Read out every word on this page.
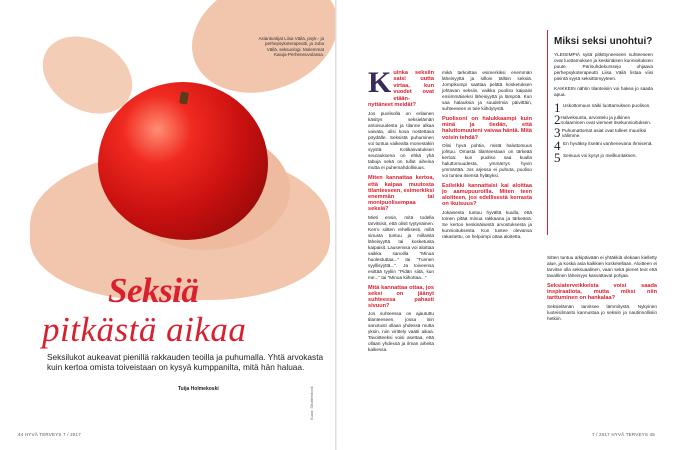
Asiantuntijat Liisa Väilä, psyk.- ja perhepsykoterapeutti, ja Juha Väilä, seksuologi. Molemmat Kaiuja-Perheneuvolassa.
Seksiä
pitkästä aikaa
Seksilukot aukeavat pienillä rakkauden teoilla ja puhumalla. Yhtä arvokasta kuin kertoa omista toiveistaan on kysyä kumppanilta, mitä hän haluaa.
Tuija Holmekoski	Kuva: Shutterstock
44 HYVÄ TERVEYS 7 / 2017
K uinka seksiin saisi uutta virtaa, kun vuodet ovat etään-nyttäneet meidät?

Jos puolisolla on erilainen käsitys seksielämän antoisuudesta ja tilanne alkaa vaivata, olisi kosa nostettava pöydälle. Seksistä puhuminen voi tuntua vaikealta monestakin syystä. Kotikasvatuksen seurauksena on ehkä yhä tabuja sekä on tullut aiheina mutta ei puhemahdollisuus.

Miten kannattaa kertoa, että kaipaa muutosta tilanteeseen, esimerkiksi enemmän tai monipuolisempaa seksiä?

Mieti ensin, mitä todella tarvitsisit, että olisit tyytyväinen. Kerro siitten rehellisesti, millä sinusta tuntuu ja millaista läheisyyttä tai kosketusta kaipaisit. Lausenssa voi aloittaa vaikka sanoilla "Minua huolestuttaa..." tai "Tunnen syyllisyyttä...". Ja toiveensa esittää tyyliin "Pidän siitä, kun me..." tai "Minua kiihottaa..."

Mitä kannattaa ottaa, jos seksi on jäänyt suhteessa pahasti sivuun?

Jos suhteessa on ajaututtu tilanteeseen, jossa niin sanotusti ollaan yhdessä mutta yksin, niin virittely vaatii aikaa. Tavoitteeksi voisi asettaa, että ollaan yhdessä ja ilman aiheita kaikessa.

mikä tarkoittaa esimerkiksi enemmän läheisyyttä ja silloin tällöin seksiä. Jompikumpi saattaa pelätä kosketuksen johtavan seksiin, vaikka puoliso kaipaisi ensimmäiseksi läheisyyttä ja lämpöä. Kun saa halauksia ja suudelmia päivittäin, suhteeseen ei tule kiihdytystä.

Puolisoni on halukkaampi kuin minä ja tiedän, että haluttomuuteni vaivaa häntä. Mitä voisin tehdä?

Olisi hyvä pohtia, mistä haluttomuus johtuu. Omasta tilanteestaan on tärkeää kertoa: kun puoliso saa kuulla haluttomuudesta, ymmärrys hyvin ymmärtää. Jos arjessa ei puhuta, puoliso voi tuntea itsensä hylätyksi.

Esileikki kannattaisi kai aloittaa jo aamupuuroilla. Miten teen aloitteen, jos edellisestä kerrasta on ikuisuus?

Jokaisesta tuntuu hyvältä kuulla, että toinen pitää minua rakkaana ja tärkeänä. Se kertoo keskinäisestä arvostuksesta ja kunnioituksesta. Kun tuntee olevansa rakastettu, on helpompi ottaa aloitetta.

Sitten tuntuu arkipäivään ei yhtäkkiä olekaan kielletty alue, ja koska asia kaikkien kosketellaan. Aloitteen ei tarvitse olla seksuaalinen, vaan sekä pienet teot että tavallinen läheisyys kasvattavat pohjaa.

Seksiaterveikkeista voisi saada inspiraatiota, mutta miksi niin tarttuminen on hankalaa?

Seksielämän tarvitsee lämmitystä. Nykyinen luoteisilmasto kannustaa jo seksiin ja nautinnollisiin hetkiin.

7 / 2017 HYVÄ TERVEYS 45
Miksi seksi unohtui?
YLEISIMPIÄ syitä pitkittyneeseen suhteeseen ovat luottamuksen ja keskinäisen kunnioituksen puute. Parisuhdekurssejo ohjaava perhepsykoterapeutti Liisa Väilä listaa viisi pieintä syytä seksittömyyteen.
KAIKKEIN nähtin tilanteisiin voi hakea jo saada apua.
1 Uskottomuus näiki luottamuksen puolison.
2 Halveksunta, arvostelu ja julkinen nolaaminen ovat viemeet itsekunnioituksen.
3 Puhumattomat asiat ovat tulleet muuriksi välimme.
4 En hyväksy itseäni vanhenevana ihmisenä.
5 Seinuus voi kysyt jo meilkuntaksen.
